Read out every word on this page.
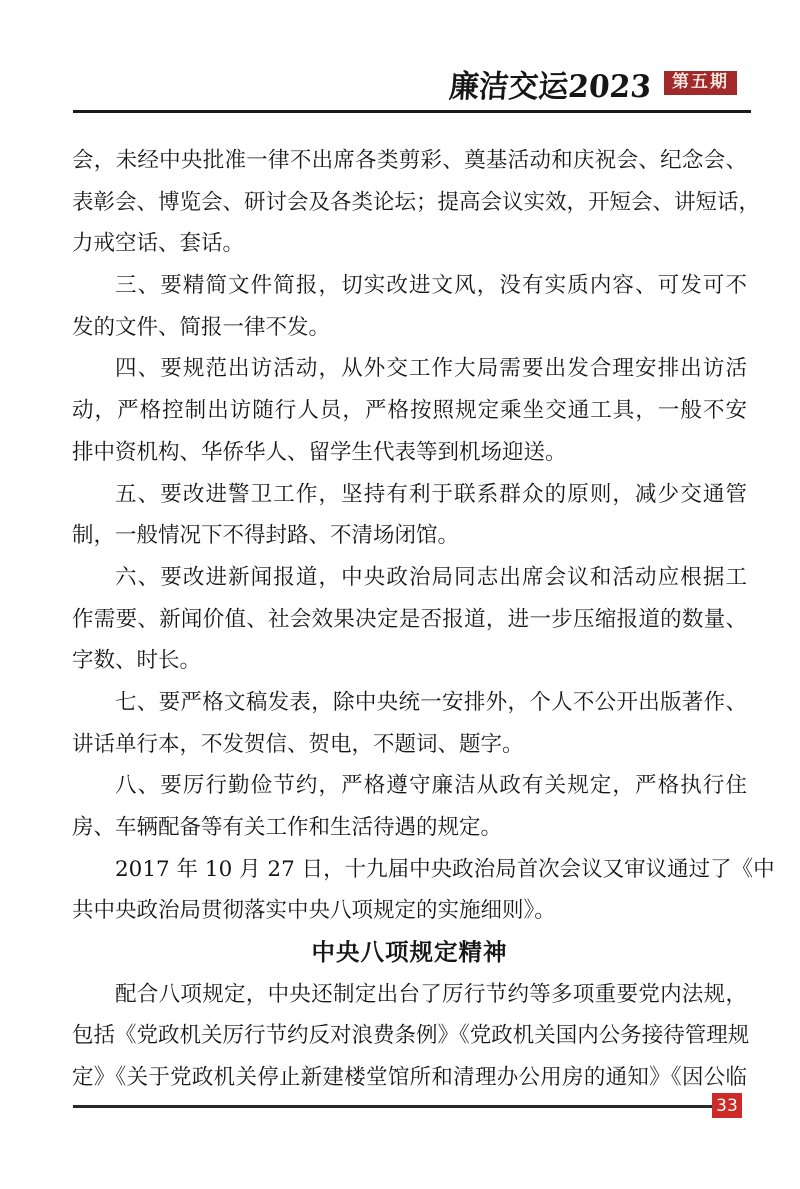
廉洁交运2023	第五期
会，未经中央批准一律不出席各类剪彩、奠基活动和庆祝会、纪念会、
表彰会、博览会、研讨会及各类论坛；提高会议实效，开短会、讲短话，
力戒空话、套话。
三、要精简文件简报，切实改进文风，没有实质内容、可发可不
发的文件、简报一律不发。
四、要规范出访活动，从外交工作大局需要出发合理安排出访活
动，严格控制出访随行人员，严格按照规定乘坐交通工具，一般不安
排中资机构、华侨华人、留学生代表等到机场迎送。
五、要改进警卫工作，坚持有利于联系群众的原则，减少交通管
制，一般情况下不得封路、不清场闭馆。
六、要改进新闻报道，中央政治局同志出席会议和活动应根据工
作需要、新闻价值、社会效果决定是否报道，进一步压缩报道的数量、
字数、时长。
七、要严格文稿发表，除中央统一安排外，个人不公开出版著作、
讲话单行本，不发贺信、贺电，不题词、题字。
八、要厉行勤俭节约，严格遵守廉洁从政有关规定，严格执行住
房、车辆配备等有关工作和生活待遇的规定。
2017 年 10 月 27 日，十九届中央政治局首次会议又审议通过了《中
共中央政治局贯彻落实中央八项规定的实施细则》。
中央八项规定精神
配合八项规定，中央还制定出台了厉行节约等多项重要党内法规，
包括《党政机关厉行节约反对浪费条例》《党政机关国内公务接待管理规
定》《关于党政机关停止新建楼堂馆所和清理办公用房的通知》《因公临
33
